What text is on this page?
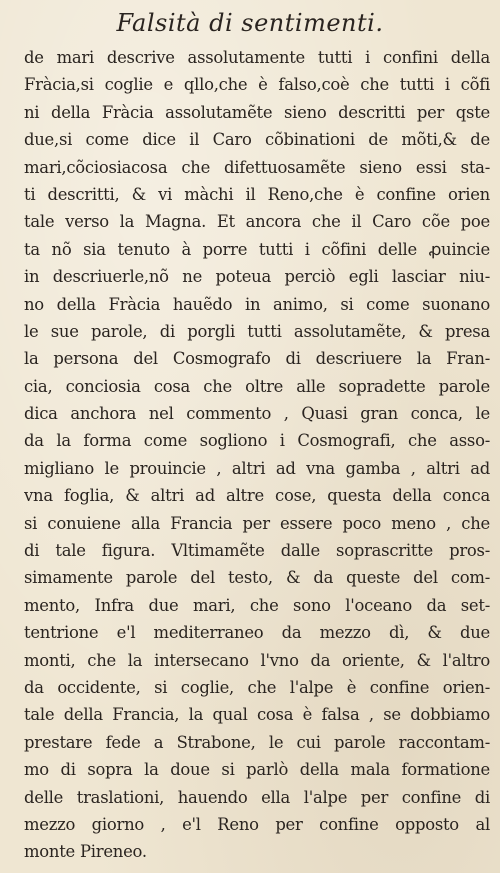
Falsità di sentimenti.
de mari descrive assolutamente tutti i confini della
Fràcia,si coglie e qllo,che è falso,coè che tutti i cõfi
ni della Fràcia assolutamẽte sieno descritti per qste
due,si come dice il Caro cõbinationi de mõti,& de
mari,cõciosiacosa che difettuosamẽte sieno essi sta-
ti descritti, & vi màchi il Reno,che è confine orien
tale verso la Magna. Et ancora che il Caro cõe poe
ta nõ sia tenuto à porre tutti i cõfini delle ꝓuincie
in descriuerle,nõ ne poteua perciò egli lasciar niu-
no della Fràcia hauẽdo in animo, si come suonano
le sue parole, di porgli tutti assolutamẽte, & presa
la persona del Cosmografo di descriuere la Fran-
cia, conciosia cosa che oltre alle sopradette parole
dica anchora nel commento , Quasi gran conca, le
da la forma come sogliono i Cosmografi, che asso-
migliano le prouincie , altri ad vna gamba , altri ad
vna foglia, & altri ad altre cose, questa della conca
si conuiene alla Francia per essere poco meno , che
di tale figura. Vltimamẽte dalle soprascritte pros-
simamente parole del testo, & da queste del com-
mento, Infra due mari, che sono l'oceano da set-
tentrione e'l mediterraneo da mezzo dì, & due
monti, che la intersecano l'vno da oriente, & l'altro
da occidente, si coglie, che l'alpe è confine orien-
tale della Francia, la qual cosa è falsa , se dobbiamo
prestare fede a Strabone, le cui parole raccontam-
mo di sopra la doue si parlò della mala formatione
delle traslationi, hauendo ella l'alpe per confine di
mezzo giorno , e'l Reno per confine opposto al
monte Pireneo.
